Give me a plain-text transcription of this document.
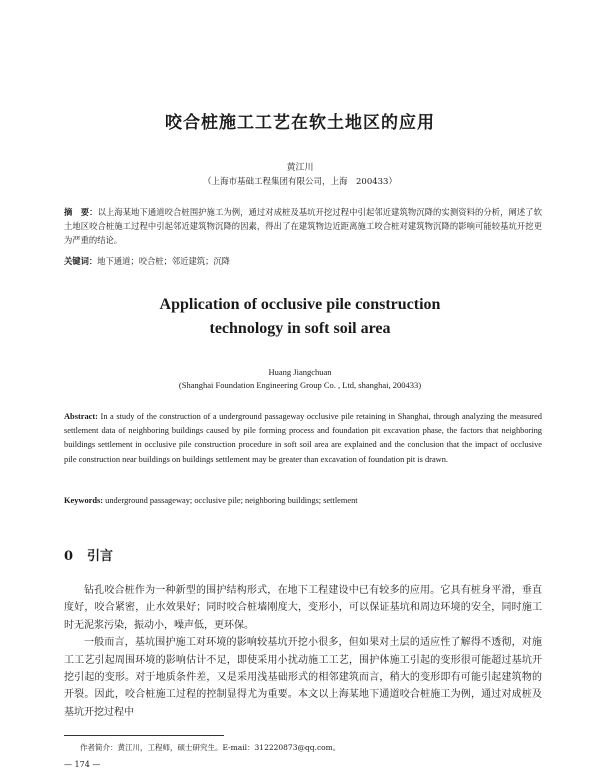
咬合桩施工工艺在软土地区的应用
黄江川
（上海市基础工程集团有限公司，上海　200433）
摘　要：以上海某地下通道咬合桩围护施工为例，通过对成桩及基坑开挖过程中引起邻近建筑物沉降的实测资料的分析，阐述了软土地区咬合桩施工过程中引起邻近建筑物沉降的因素，得出了在建筑物边近距离施工咬合桩对建筑物沉降的影响可能较基坑开挖更为严重的结论。
关键词：地下通道；咬合桩；邻近建筑；沉降
Application of occlusive pile construction
technology in soft soil area
Huang Jiangchuan
(Shanghai Foundation Engineering Group Co. , Ltd, shanghai, 200433)
Abstract: In a study of the construction of a underground passageway occlusive pile retaining in Shanghai, through analyzing the measured settlement data of neighboring buildings caused by pile forming process and foundation pit excavation phase, the factors that neighboring buildings settlement in occlusive pile construction procedure in soft soil area are explained and the conclusion that the impact of occlusive pile construction near buildings on buildings settlement may be greater than excavation of foundation pit is drawn.
Keywords: underground passageway; occlusive pile; neighboring buildings; settlement
0 引言

钻孔咬合桩作为一种新型的围护结构形式，在地下工程建设中已有较多的应用。它具有桩身平滑，垂直度好，咬合紧密，止水效果好；同时咬合桩墙刚度大，变形小，可以保证基坑和周边环境的安全，同时施工时无泥浆污染，振动小，噪声低，更环保。

一般而言，基坑围护施工对环境的影响较基坑开挖小很多，但如果对土层的适应性了解得不透彻，对施工工艺引起周围环境的影响估计不足，即使采用小扰动施工工艺，围护体施工引起的变形很可能超过基坑开挖引起的变形。对于地质条件差，又是采用浅基础形式的相邻建筑而言，稍大的变形即有可能引起建筑物的开裂。因此，咬合桩施工过程的控制显得尤为重要。本文以上海某地下通道咬合桩施工为例，通过对成桩及基坑开挖过程中

作者简介：黄江川，工程师，硕士研究生。E-mail：312220873@qq.com。
— 174 —
